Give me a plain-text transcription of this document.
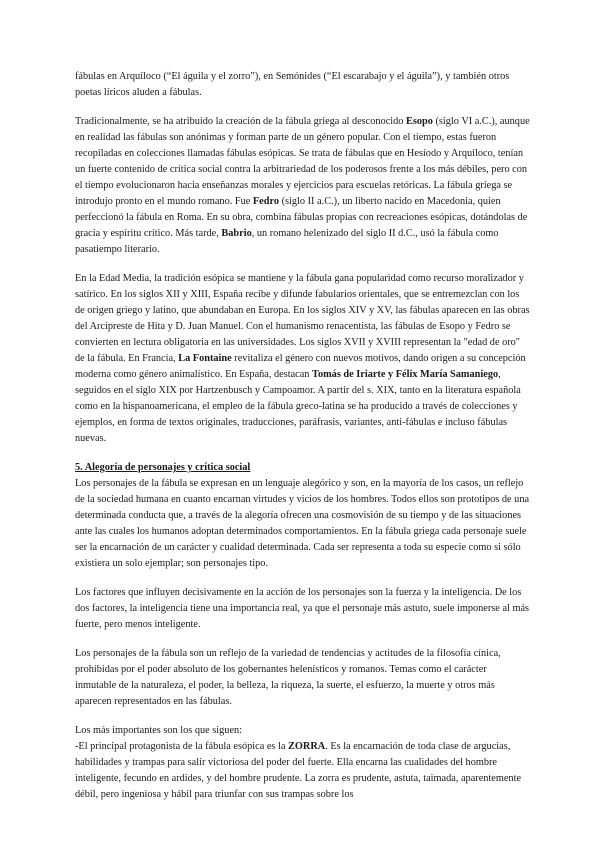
fábulas en Arquíloco (“El águila y el zorro”), en Semónides (“El escarabajo y el águila”), y también otros poetas líricos aluden a fábulas.

Tradicionalmente, se ha atribuido la creación de la fábula griega al desconocido Esopo (siglo VI a.C.), aunque en realidad las fábulas son anónimas y forman parte de un género popular. Con el tiempo, estas fueron recopiladas en colecciones llamadas fábulas esópicas. Se trata de fábulas que en Hesíodo y Arquíloco, tenían un fuerte contenido de crítica social contra la arbitrariedad de los poderosos frente a los más débiles, pero con el tiempo evolucionaron hacia enseñanzas morales y ejercicios para escuelas retóricas. La fábula griega se introdujo pronto en el mundo romano. Fue Fedro (siglo II a.C.), un liberto nacido en Macedonia, quien perfeccionó la fábula en Roma. En su obra, combina fábulas propias con recreaciones esópicas, dotándolas de gracia y espíritu crítico. Más tarde, Babrio, un romano helenizado del siglo II d.C., usó la fábula como pasatiempo literario.

En la Edad Media, la tradición esópica se mantiene y la fábula gana popularidad como recurso moralizador y satírico. En los siglos XII y XIII, España recibe y difunde fabularios orientales, que se entremezclan con los de origen griego y latino, que abundaban en Europa. En los siglos XIV y XV, las fábulas aparecen en las obras del Arcipreste de Hita y D. Juan Manuel. Con el humanismo renacentista, las fábulas de Esopo y Fedro se convierten en lectura obligatoria en las universidades. Los siglos XVII y XVIII representan la "edad de oro" de la fábula. En Francia, La Fontaine revitaliza el género con nuevos motivos, dando origen a su concepción moderna como género animalístico. En España, destacan Tomás de Iriarte y Félix María Samaniego, seguidos en el siglo XIX por Hartzenbusch y Campoamor. A partir del s. XIX, tanto en la literatura española como en la hispanoamericana, el empleo de la fábula greco-latina se ha producido a través de colecciones y ejemplos, en forma de textos originales, traducciones, paráfrasis, variantes, anti-fábulas e incluso fábulas nuevas.

5. Alegoría de personajes y crítica social

Los personajes de la fábula se expresan en un lenguaje alegórico y son, en la mayoría de los casos, un reflejo de la sociedad humana en cuanto encarnan virtudes y vicios de los hombres. Todos ellos son prototipos de una determinada conducta que, a través de la alegoría ofrecen una cosmovisión de su tiempo y de las situaciones ante las cuales los humanos adoptan determinados comportamientos. En la fábula griega cada personaje suele ser la encarnación de un carácter y cualidad determinada. Cada ser representa a toda su especie como si sólo existiera un solo ejemplar; son personajes tipo.

Los factores que influyen decisivamente en la acción de los personajes son la fuerza y la inteligencia. De los dos factores, la inteligencia tiene una importancia real, ya que el personaje más astuto, suele imponerse al más fuerte, pero menos inteligente.

Los personajes de la fábula son un reflejo de la variedad de tendencias y actitudes de la filosofía cínica, prohibidas por el poder absoluto de los gobernantes helenísticos y romanos. Temas como el carácter inmutable de la naturaleza, el poder, la belleza, la riqueza, la suerte, el esfuerzo, la muerte y otros más aparecen representados en las fábulas.

Los más importantes son los que siguen:

-El principal protagonista de la fábula esópica es la ZORRA. Es la encarnación de toda clase de argucias, habilidades y trampas para salir victoriosa del poder del fuerte. Ella encarna las cualidades del hombre inteligente, fecundo en ardides, y del hombre prudente. La zorra es prudente, astuta, taimada, aparentemente débil, pero ingeniosa y hábil para triunfar con sus trampas sobre los
